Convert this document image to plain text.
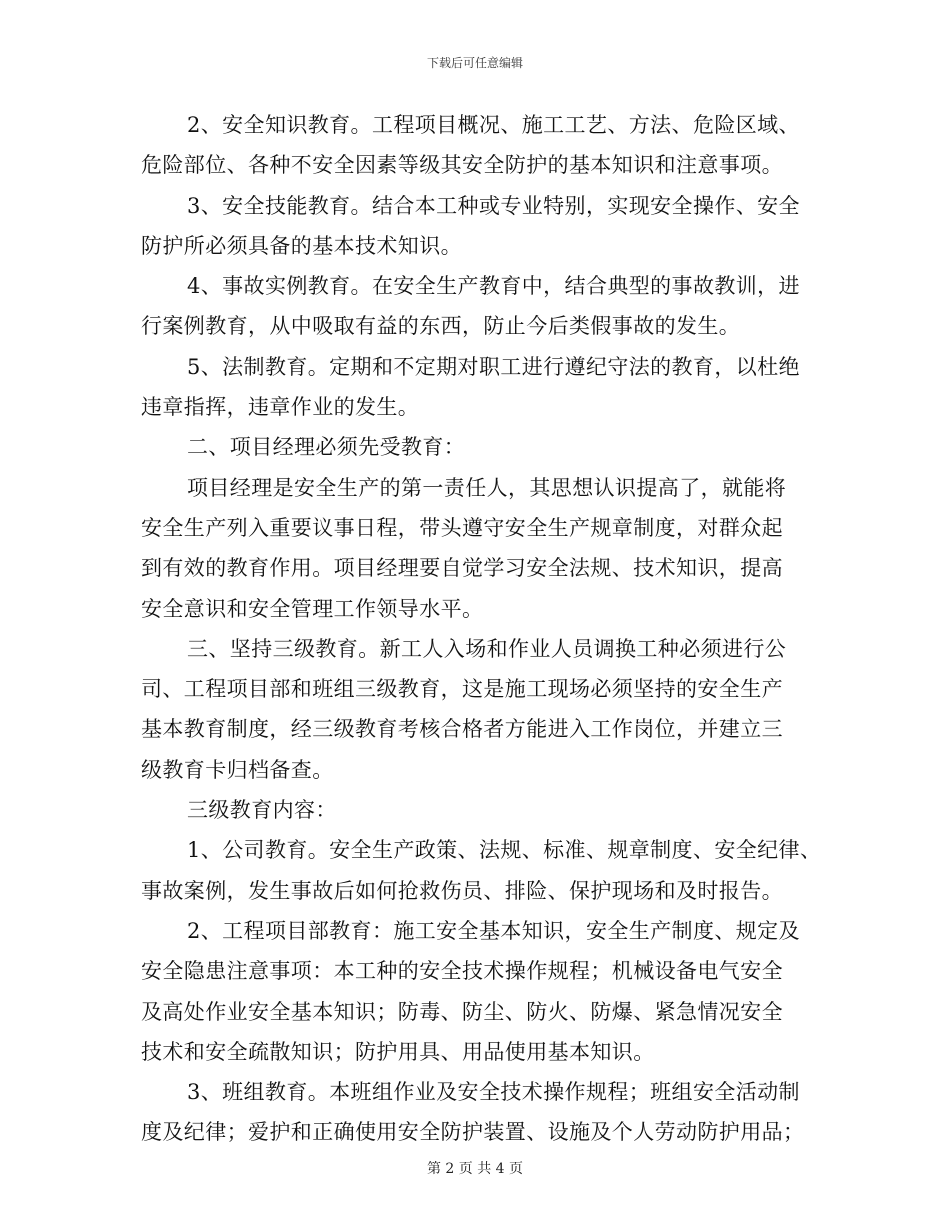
下载后可任意编辑
2、安全知识教育。工程项目概况、施工工艺、方法、危险区域、
危险部位、各种不安全因素等级其安全防护的基本知识和注意事项。
3、安全技能教育。结合本工种或专业特别，实现安全操作、安全
防护所必须具备的基本技术知识。
4、事故实例教育。在安全生产教育中，结合典型的事故教训，进
行案例教育，从中吸取有益的东西，防止今后类假事故的发生。
5、法制教育。定期和不定期对职工进行遵纪守法的教育，以杜绝
违章指挥，违章作业的发生。
二、项目经理必须先受教育：
项目经理是安全生产的第一责任人，其思想认识提高了，就能将
安全生产列入重要议事日程，带头遵守安全生产规章制度，对群众起
到有效的教育作用。项目经理要自觉学习安全法规、技术知识，提高
安全意识和安全管理工作领导水平。
三、坚持三级教育。新工人入场和作业人员调换工种必须进行公
司、工程项目部和班组三级教育，这是施工现场必须坚持的安全生产
基本教育制度，经三级教育考核合格者方能进入工作岗位，并建立三
级教育卡归档备查。
三级教育内容：
1、公司教育。安全生产政策、法规、标准、规章制度、安全纪律、
事故案例，发生事故后如何抢救伤员、排险、保护现场和及时报告。
2、工程项目部教育：施工安全基本知识，安全生产制度、规定及
安全隐患注意事项：本工种的安全技术操作规程；机械设备电气安全
及高处作业安全基本知识；防毒、防尘、防火、防爆、紧急情况安全
技术和安全疏散知识；防护用具、用品使用基本知识。
3、班组教育。本班组作业及安全技术操作规程；班组安全活动制
度及纪律；爱护和正确使用安全防护装置、设施及个人劳动防护用品；
第 2 页 共 4 页
